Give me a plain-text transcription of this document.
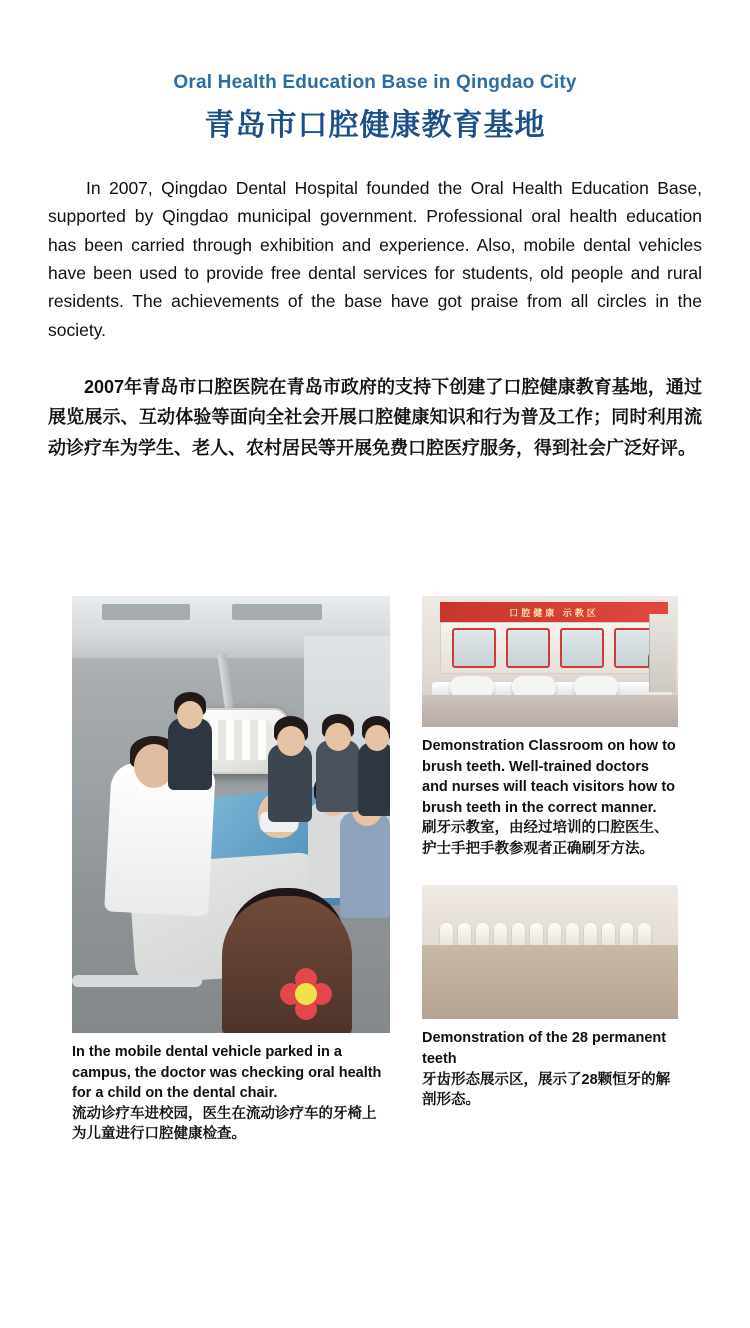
Oral Health Education Base in Qingdao City
青岛市口腔健康教育基地

In 2007, Qingdao Dental Hospital founded the Oral Health Education Base, supported by Qingdao municipal government. Professional oral health education has been carried through exhibition and experience. Also, mobile dental vehicles have been used to provide free dental services for students, old people and rural residents. The achievements of the base have got praise from all circles in the society.

2007年青岛市口腔医院在青岛市政府的支持下创建了口腔健康教育基地，通过展览展示、互动体验等面向全社会开展口腔健康知识和行为普及工作；同时利用流动诊疗车为学生、老人、农村居民等开展免费口腔医疗服务，得到社会广泛好评。

In the mobile dental vehicle parked in a campus, the doctor was checking oral health for a child on the dental chair.
流动诊疗车进校园，医生在流动诊疗车的牙椅上为儿童进行口腔健康检查。
口腔健康 示教区
Demonstration Classroom on how to brush teeth. Well-trained doctors and nurses will teach visitors how to brush teeth in the correct manner.
刷牙示教室，由经过培训的口腔医生、护士手把手教参观者正确刷牙方法。
Demonstration of the 28 permanent teeth
牙齿形态展示区，展示了28颗恒牙的解剖形态。
